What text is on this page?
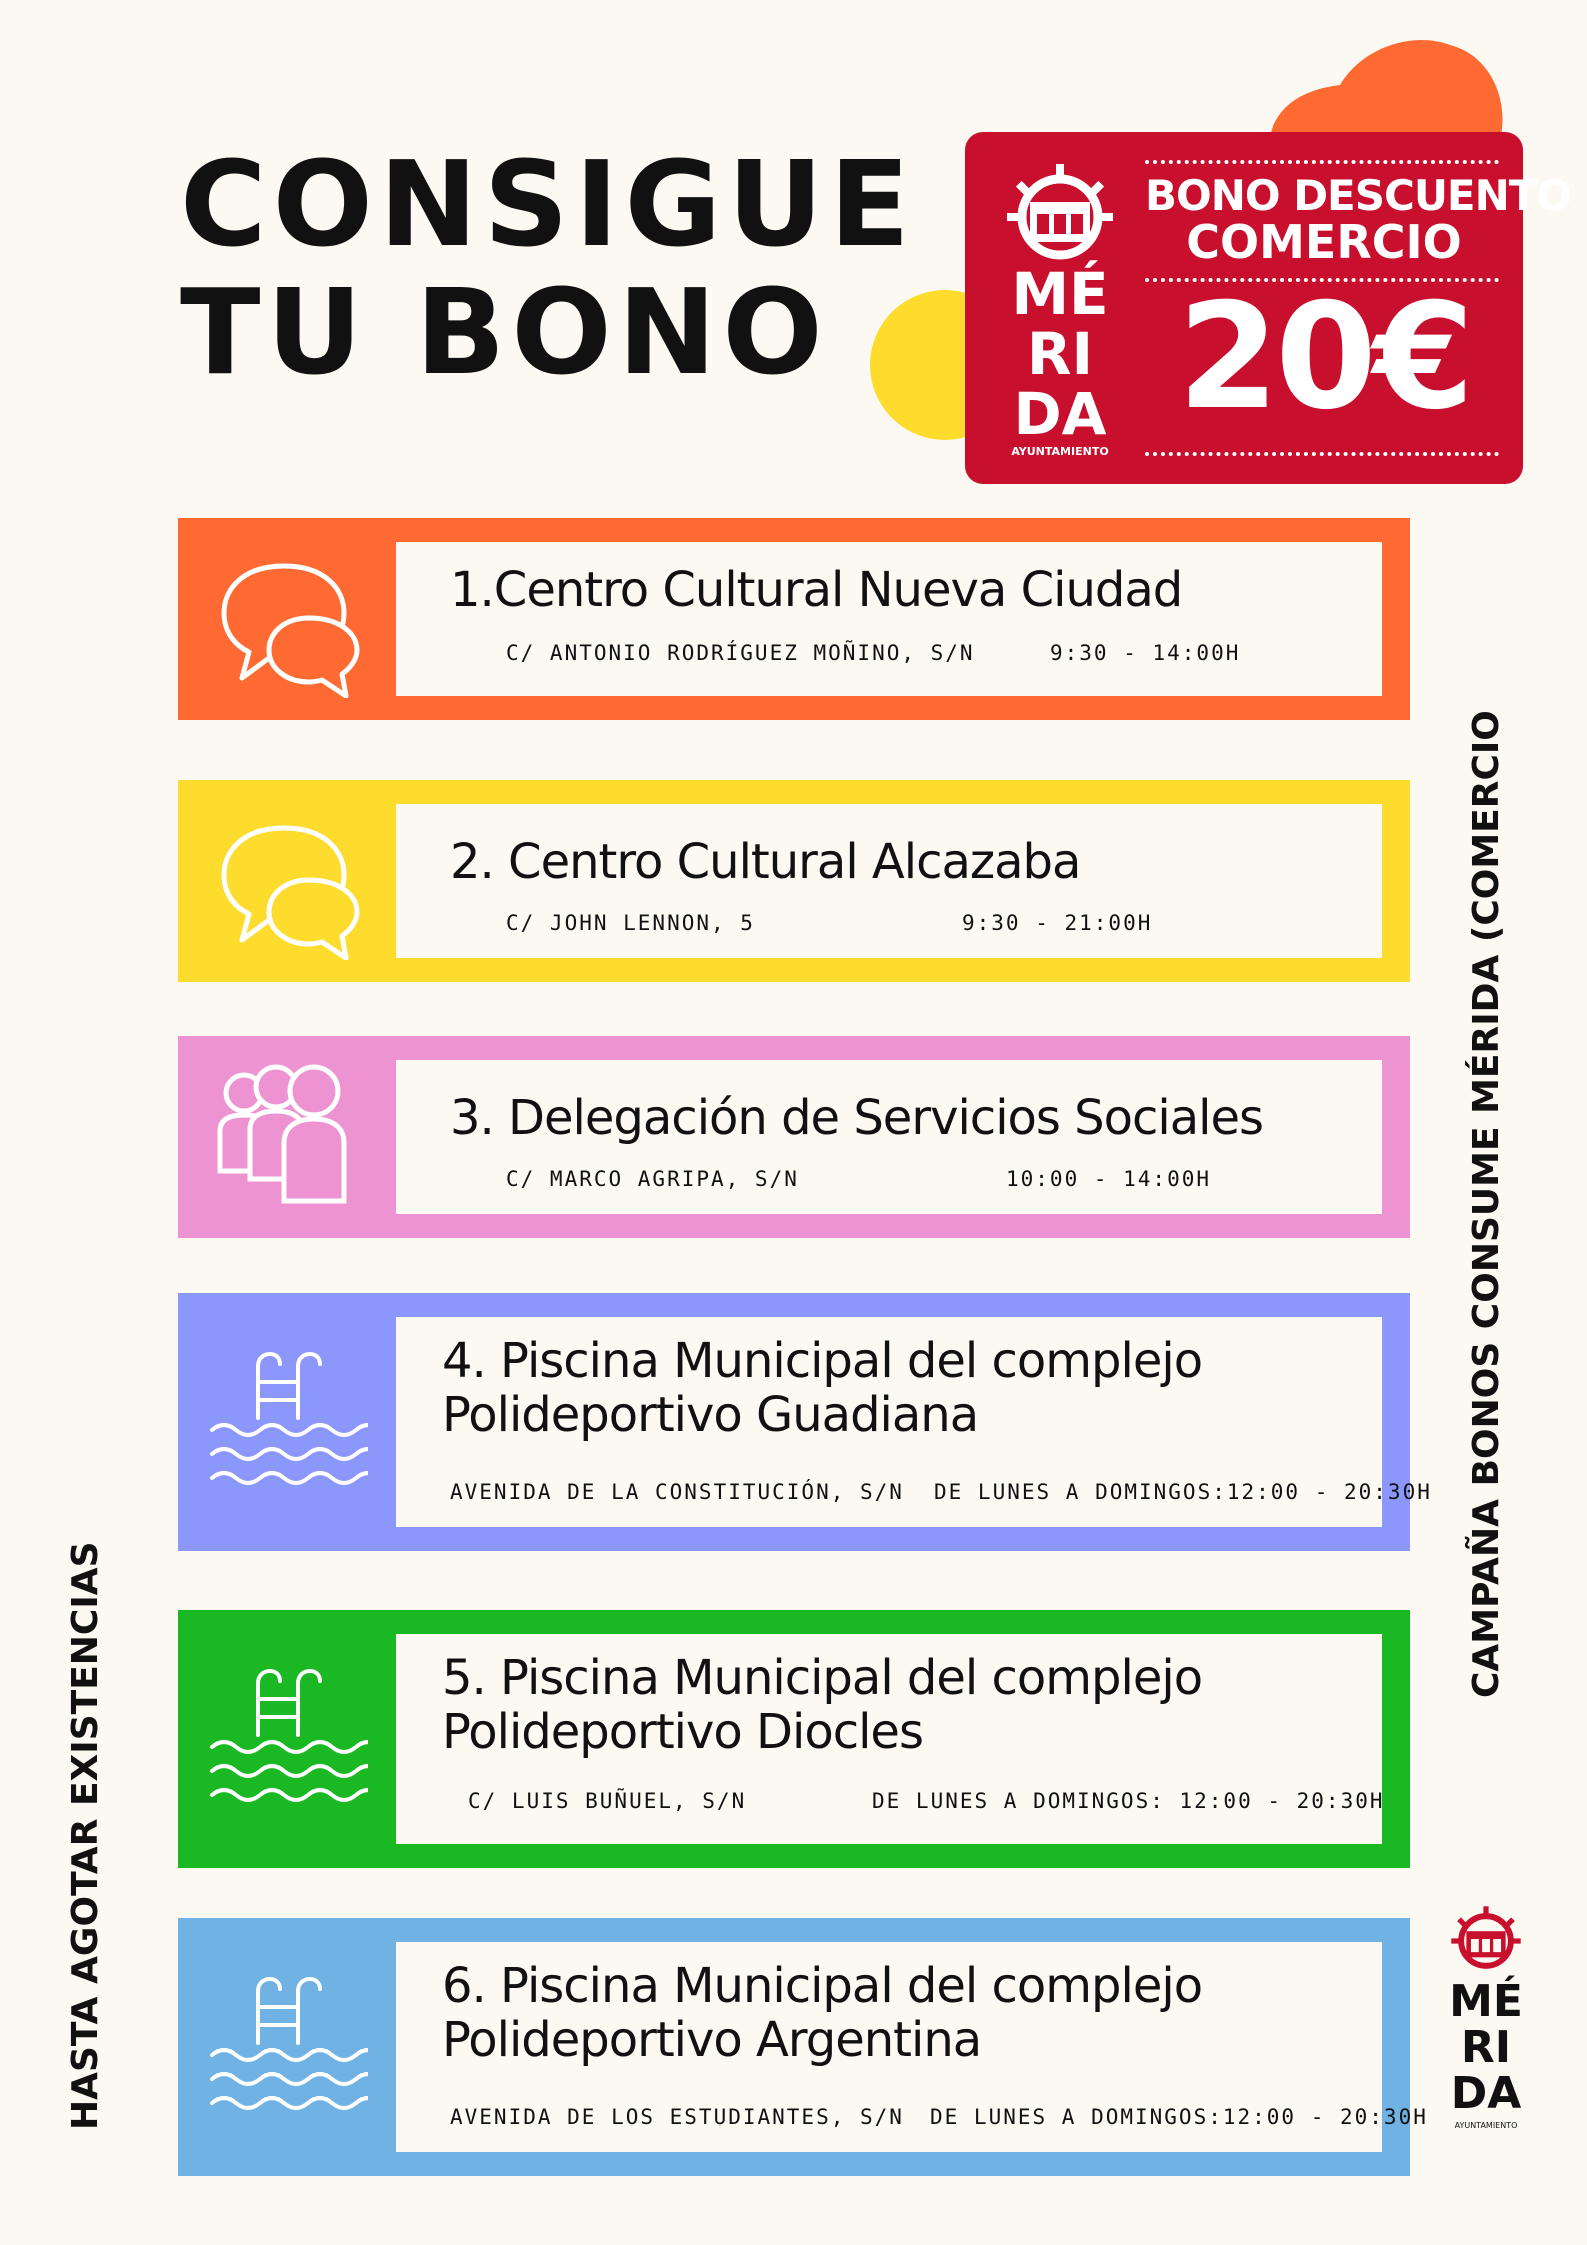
CONSIGUE
TU BONO	MÉ
RI
DA
AYUNTAMIENTO
BONO DESCUENTO
COMERCIO
20€
1.Centro Cultural Nueva Ciudad
C/ ANTONIO RODRÍGUEZ MOÑINO, S/N	9:30 - 14:00H
2. Centro Cultural Alcazaba
C/ JOHN LENNON, 5	9:30 - 21:00H
3. Delegación de Servicios Sociales
C/ MARCO AGRIPA, S/N	10:00 - 14:00H
4. Piscina Municipal del complejo
Polideportivo Guadiana
AVENIDA DE LA CONSTITUCIÓN, S/N DE LUNES A DOMINGOS:12:00 - 20:30H
5. Piscina Municipal del complejo
Polideportivo Diocles
C/ LUIS BUÑUEL, S/N	DE LUNES A DOMINGOS: 12:00 - 20:30H
6. Piscina Municipal del complejo
Polideportivo Argentina
AVENIDA DE LOS ESTUDIANTES, S/N DE LUNES A DOMINGOS:12:00 - 20:30H
HASTA AGOTAR EXISTENCIAS
CAMPAÑA BONOS CONSUME MÉRIDA (COMERCIO
MÉ
RI
DA
AYUNTAMIENTO
